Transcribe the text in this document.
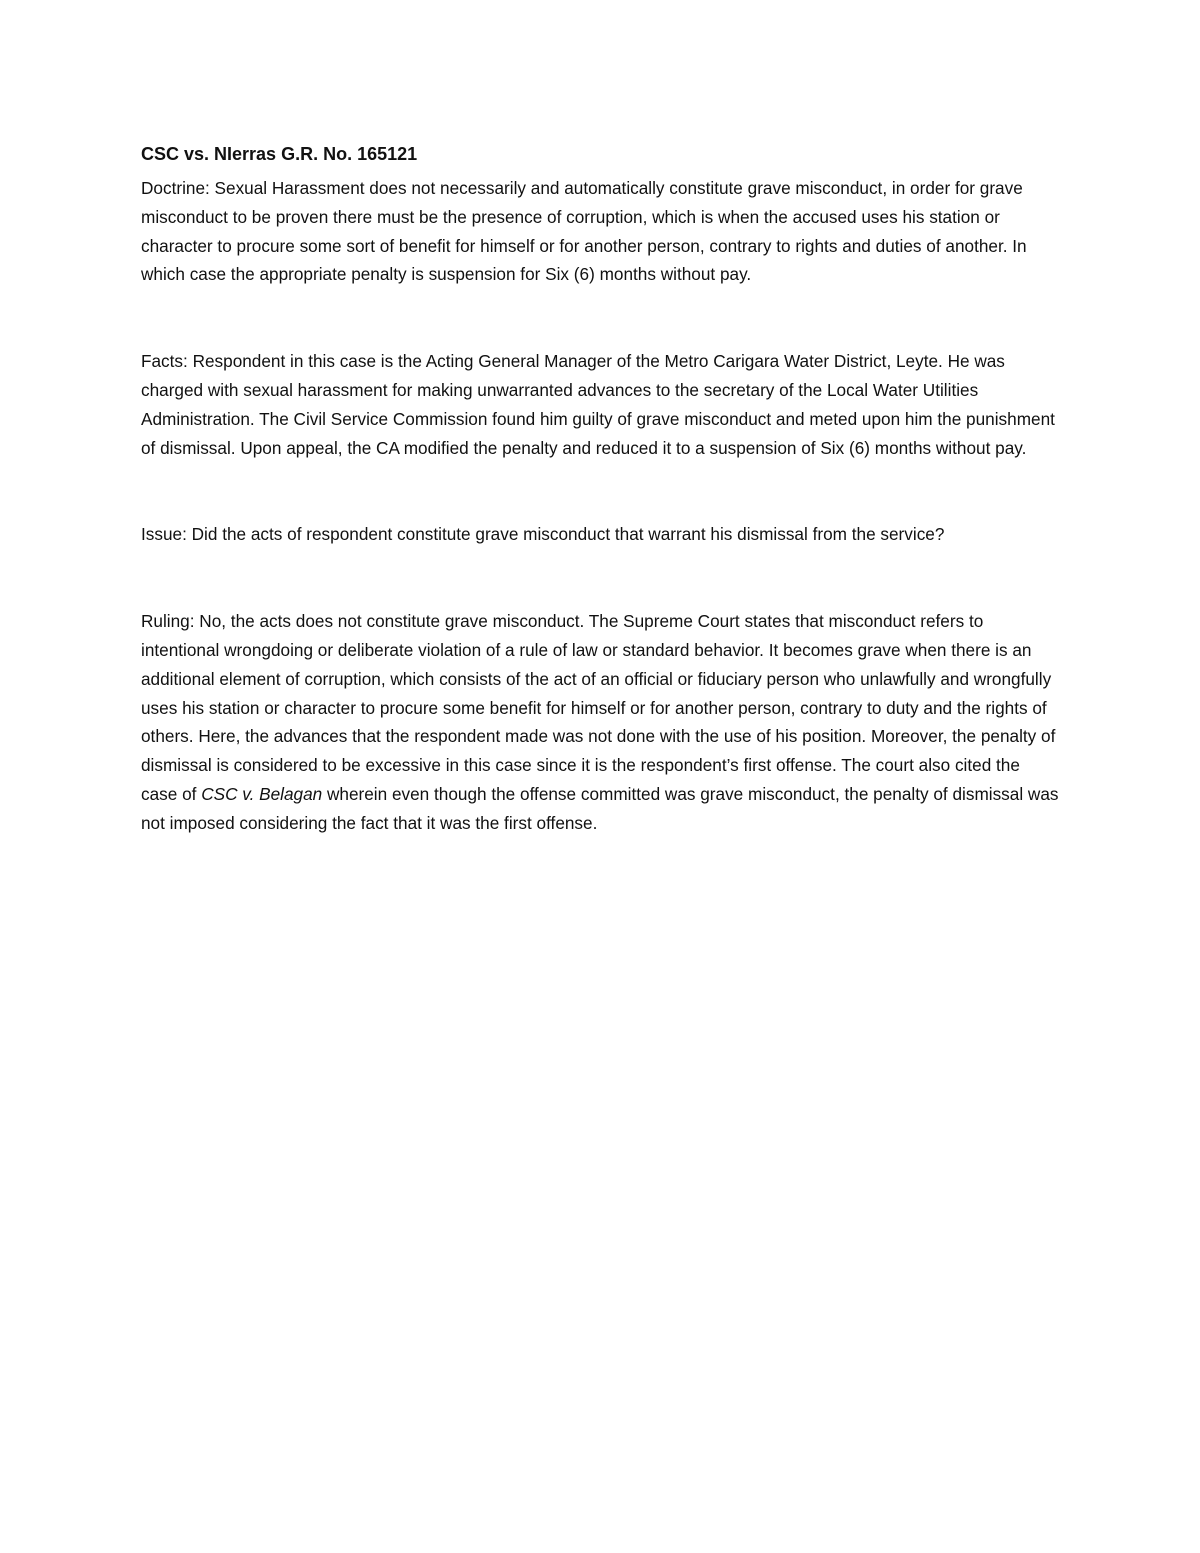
CSC vs. NIerras G.R. No. 165121

Doctrine: Sexual Harassment does not necessarily and automatically constitute grave misconduct, in order for grave misconduct to be proven there must be the presence of corruption, which is when the accused uses his station or character to procure some sort of benefit for himself or for another person, contrary to rights and duties of another. In which case the appropriate penalty is suspension for Six (6) months without pay.

Facts: Respondent in this case is the Acting General Manager of the Metro Carigara Water District, Leyte. He was charged with sexual harassment for making unwarranted advances to the secretary of the Local Water Utilities Administration. The Civil Service Commission found him guilty of grave misconduct and meted upon him the punishment of dismissal. Upon appeal, the CA modified the penalty and reduced it to a suspension of Six (6) months without pay.

Issue: Did the acts of respondent constitute grave misconduct that warrant his dismissal from the service?

Ruling: No, the acts does not constitute grave misconduct. The Supreme Court states that misconduct refers to intentional wrongdoing or deliberate violation of a rule of law or standard behavior. It becomes grave when there is an additional element of corruption, which consists of the act of an official or fiduciary person who unlawfully and wrongfully uses his station or character to procure some benefit for himself or for another person, contrary to duty and the rights of others. Here, the advances that the respondent made was not done with the use of his position. Moreover, the penalty of dismissal is considered to be excessive in this case since it is the respondent’s first offense. The court also cited the case of CSC v. Belagan wherein even though the offense committed was grave misconduct, the penalty of dismissal was not imposed considering the fact that it was the first offense.
